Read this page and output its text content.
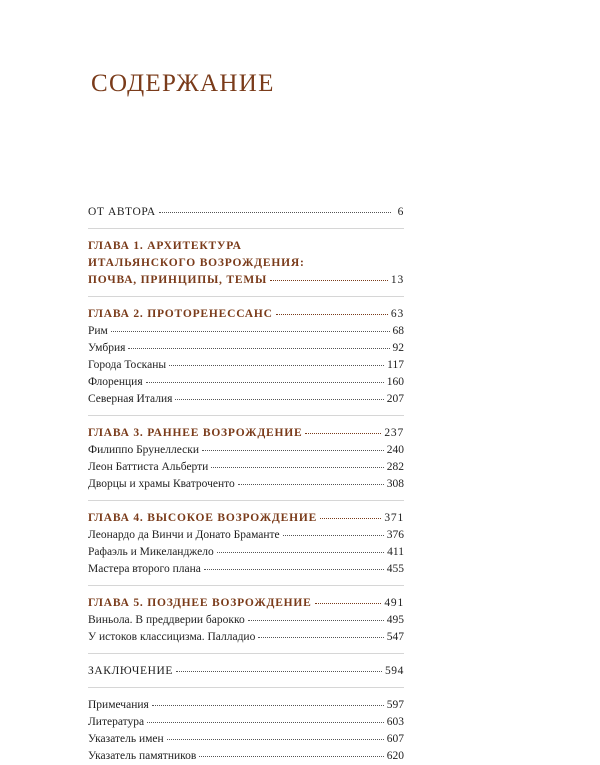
СОДЕРЖАНИЕ
ОТ АВТОРА	6
ГЛАВА 1. АРХИТЕКТУРА
ИТАЛЬЯНСКОГО ВОЗРОЖДЕНИЯ:
ПОЧВА, ПРИНЦИПЫ, ТЕМЫ	13
ГЛАВА 2. ПРОТОРЕНЕССАНС	63
Рим	68
Умбрия	92
Города Тосканы	117
Флоренция	160
Северная Италия	207
ГЛАВА 3. РАННЕЕ ВОЗРОЖДЕНИЕ	237
Филиппо Брунеллески	240
Леон Баттиста Альберти	282
Дворцы и храмы Кватроченто	308
ГЛАВА 4. ВЫСОКОЕ ВОЗРОЖДЕНИЕ	371
Леонардо да Винчи и Донато Браманте	376
Рафаэль и Микеланджело	411
Мастера второго плана	455
ГЛАВА 5. ПОЗДНЕЕ ВОЗРОЖДЕНИЕ	491
Виньола. В преддверии барокко	495
У истоков классицизма. Палладио	547
ЗАКЛЮЧЕНИЕ	594
Примечания	597
Литература	603
Указатель имен	607
Указатель памятников	620
